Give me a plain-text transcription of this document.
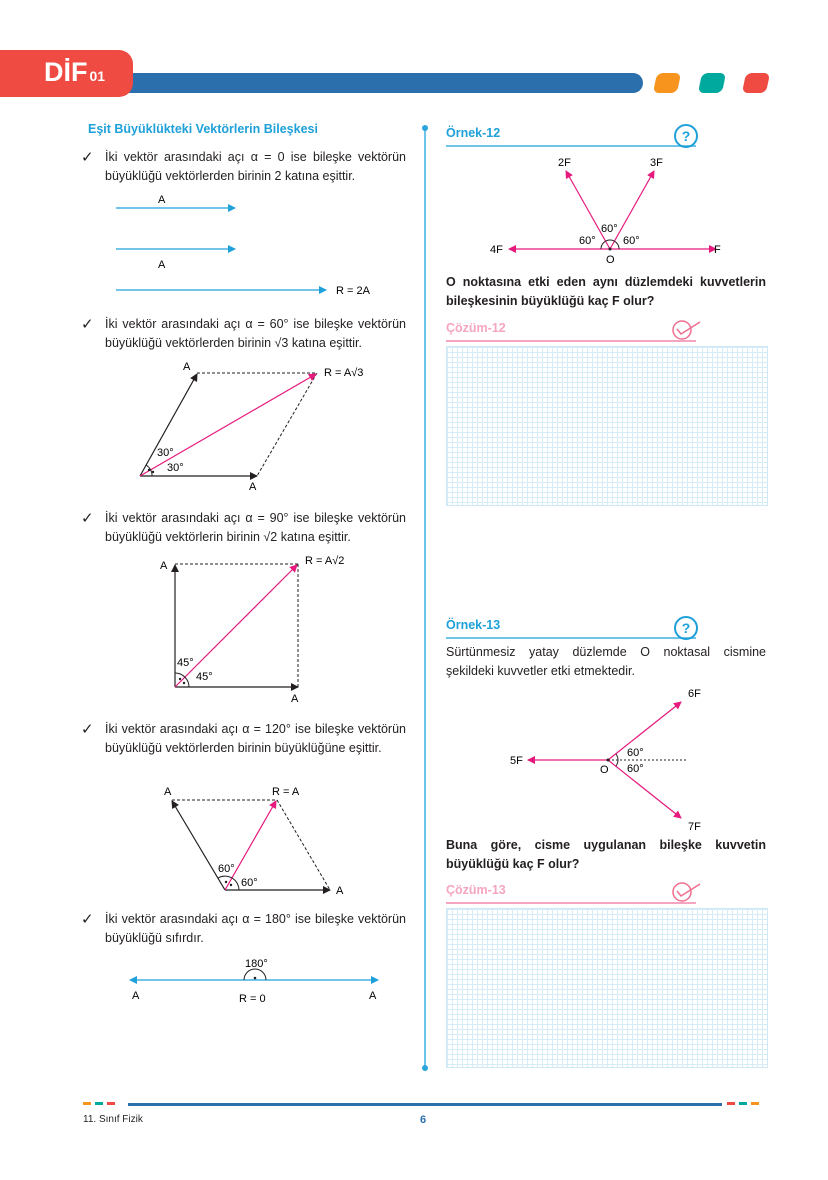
DİF 01
Eşit Büyüklükteki Vektörlerin Bileşkesi
✓ İki vektör arasındaki açı α = 0 ise bileşke vektörün büyüklüğü vektörlerden birinin 2 katına eşittir.
A
A
R = 2A
✓ İki vektör arasındaki açı α = 60° ise bileşke vektörün büyüklüğü vektörlerden birinin √3 katına eşittir.
A
A
R = A√3
30°
30°
✓ İki vektör arasındaki açı α = 90° ise bileşke vektörün büyüklüğü vektörlerin birinin √2 katına eşittir.
A
A
R = A√2
45°
45°
✓ İki vektör arasındaki açı α = 120° ise bileşke vektörün büyüklüğü vektörlerden birinin büyüklüğüne eşittir.
A
A
R = A
60°
60°
✓ İki vektör arasındaki açı α = 180° ise bileşke vektörün büyüklüğü sıfırdır.
180°
A	A
R = 0
Örnek-12	?
2F	3F
4F	F
O
60°
60° 60°
O noktasına etki eden aynı düzlemdeki kuvvetlerin bileşkesinin büyüklüğü kaç F olur?
Çözüm-12
Örnek-13	?
Sürtünmesiz yatay düzlemde O noktasal cismine şekildeki kuvvetler etki etmektedir.
6F
5F
7F
O
60°
60°
Buna göre, cisme uygulanan bileşke kuvvetin büyüklüğü kaç F olur?
Çözüm-13
11. Sınıf Fizik	6
